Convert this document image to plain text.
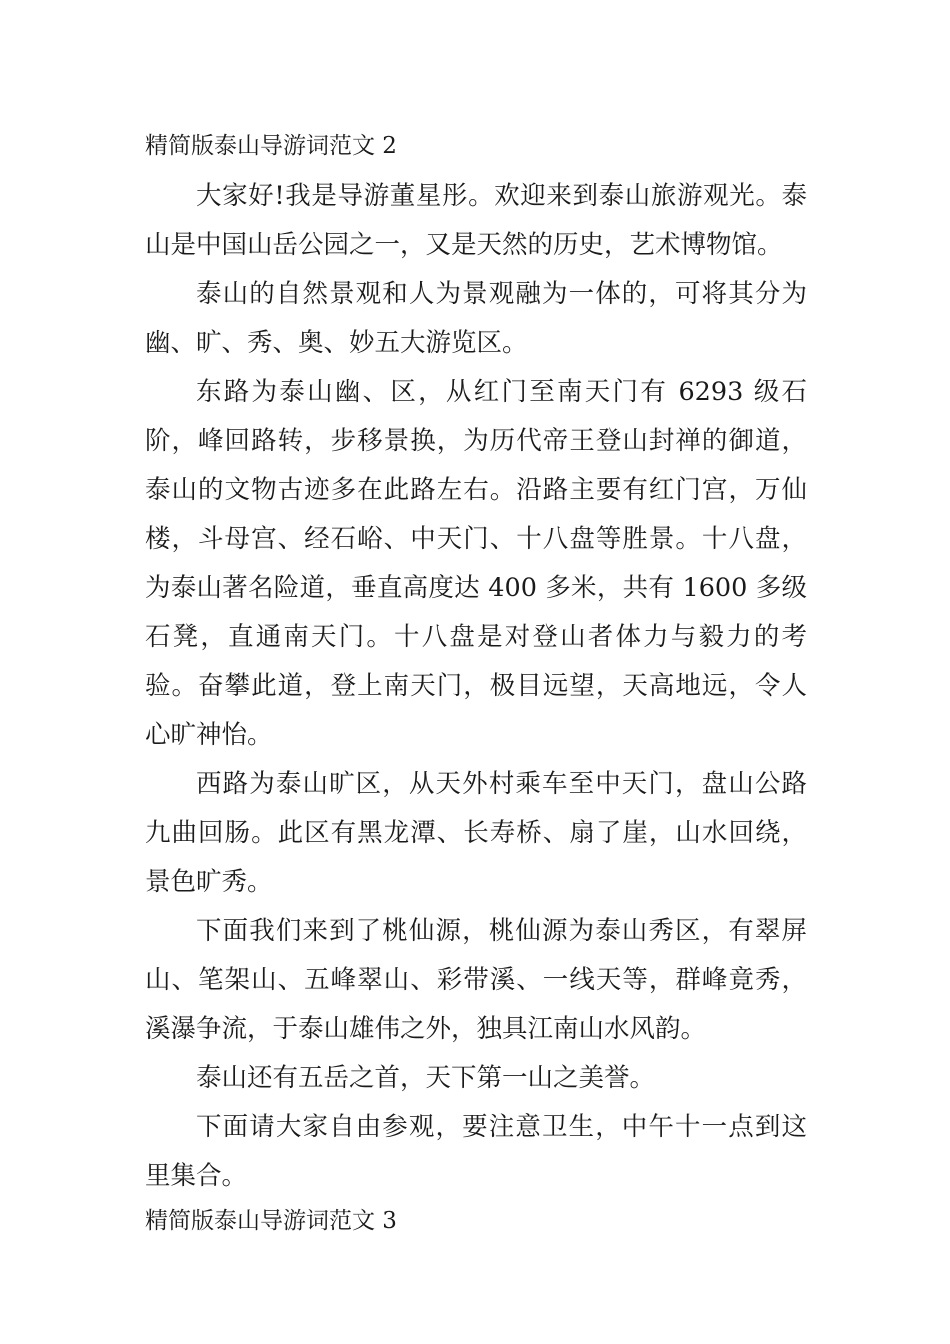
精简版泰山导游词范文 2

大家好!我是导游董星彤。欢迎来到泰山旅游观光。泰山是中国山岳公园之一，又是天然的历史，艺术博物馆。

泰山的自然景观和人为景观融为一体的，可将其分为幽、旷、秀、奥、妙五大游览区。

东路为泰山幽、区，从红门至南天门有 6293 级石阶，峰回路转，步移景换，为历代帝王登山封禅的御道，泰山的文物古迹多在此路左右。沿路主要有红门宫，万仙楼，斗母宫、经石峪、中天门、十八盘等胜景。十八盘，为泰山著名险道，垂直高度达 400 多米，共有 1600 多级石凳，直通南天门。十八盘是对登山者体力与毅力的考验。奋攀此道，登上南天门，极目远望，天高地远，令人心旷神怡。

西路为泰山旷区，从天外村乘车至中天门，盘山公路九曲回肠。此区有黑龙潭、长寿桥、扇了崖，山水回绕，景色旷秀。

下面我们来到了桃仙源，桃仙源为泰山秀区，有翠屏山、笔架山、五峰翠山、彩带溪、一线天等，群峰竟秀，溪瀑争流，于泰山雄伟之外，独具江南山水风韵。

泰山还有五岳之首，天下第一山之美誉。

下面请大家自由参观，要注意卫生，中午十一点到这里集合。

精简版泰山导游词范文 3
